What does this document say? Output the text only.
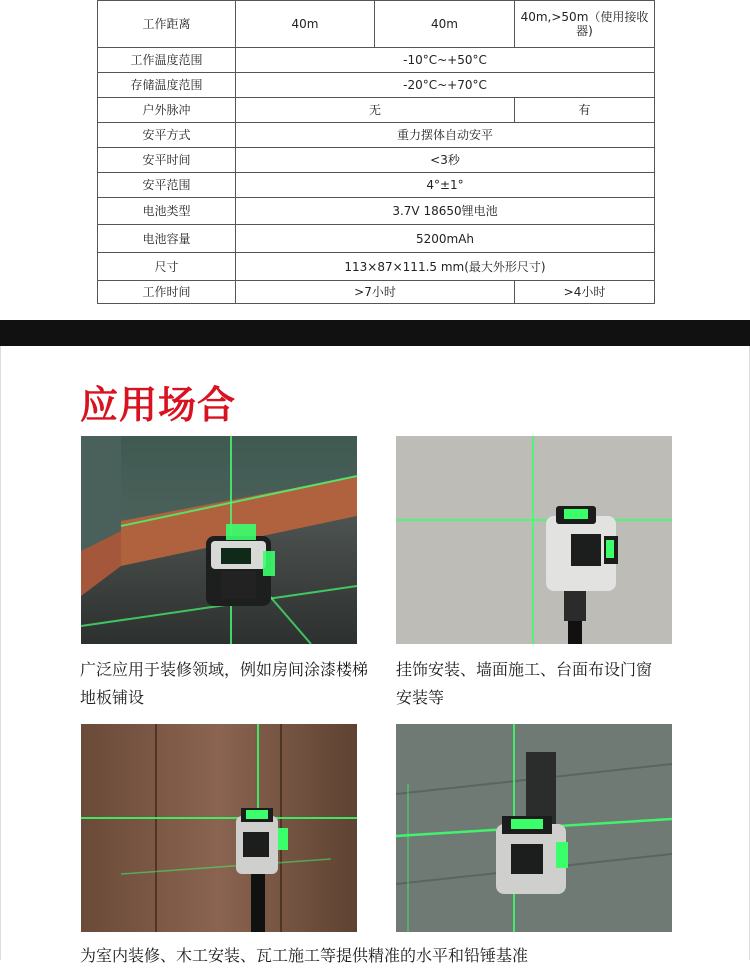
工作距离	40m	40m	40m,>50m（使用接收器)
工作温度范围	-10°C~+50°C		
存储温度范围	-20°C~+70°C		
户外脉冲	无		有
安平方式	重力摆体自动安平		
安平时间	<3秒		
安平范围	4°±1°		
电池类型	3.7V 18650锂电池		
电池容量	5200mAh		
尺寸	113×87×111.5 mm(最大外形尺寸)		
工作时间	>7小时		>4小时
应用场合
广泛应用于装修领域，例如房间涂漆楼梯地板铺设
挂饰安装、墙面施工、台面布设门窗安装等
为室内装修、木工安装、瓦工施工等提供精准的水平和铅锤基准
